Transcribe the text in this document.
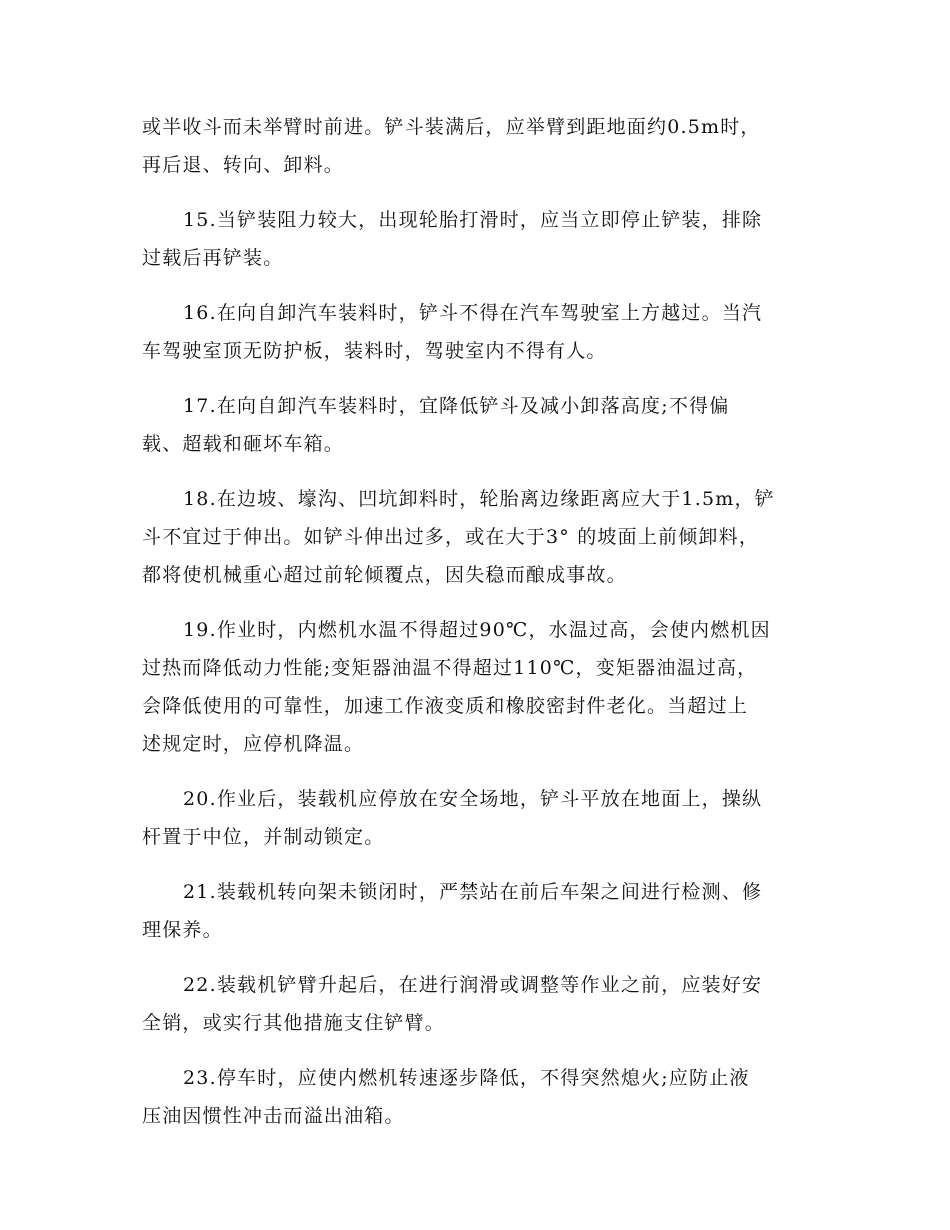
或半收斗而未举臂时前进。铲斗装满后，应举臂到距地面约0.5m时，
再后退、转向、卸料。
15.当铲装阻力较大，出现轮胎打滑时，应当立即停止铲装，排除
过载后再铲装。
16.在向自卸汽车装料时，铲斗不得在汽车驾驶室上方越过。当汽
车驾驶室顶无防护板，装料时，驾驶室内不得有人。
17.在向自卸汽车装料时，宜降低铲斗及减小卸落高度;不得偏
载、超载和砸坏车箱。
18.在边坡、壕沟、凹坑卸料时，轮胎离边缘距离应大于1.5m，铲
斗不宜过于伸出。如铲斗伸出过多，或在大于3° 的坡面上前倾卸料，
都将使机械重心超过前轮倾覆点，因失稳而酿成事故。
19.作业时，内燃机水温不得超过90℃，水温过高，会使内燃机因
过热而降低动力性能;变矩器油温不得超过110℃，变矩器油温过高，
会降低使用的可靠性，加速工作液变质和橡胶密封件老化。当超过上
述规定时，应停机降温。
20.作业后，装载机应停放在安全场地，铲斗平放在地面上，操纵
杆置于中位，并制动锁定。
21.装载机转向架未锁闭时，严禁站在前后车架之间进行检测、修
理保养。
22.装载机铲臂升起后，在进行润滑或调整等作业之前，应装好安
全销，或实行其他措施支住铲臂。
23.停车时，应使内燃机转速逐步降低，不得突然熄火;应防止液
压油因惯性冲击而溢出油箱。
